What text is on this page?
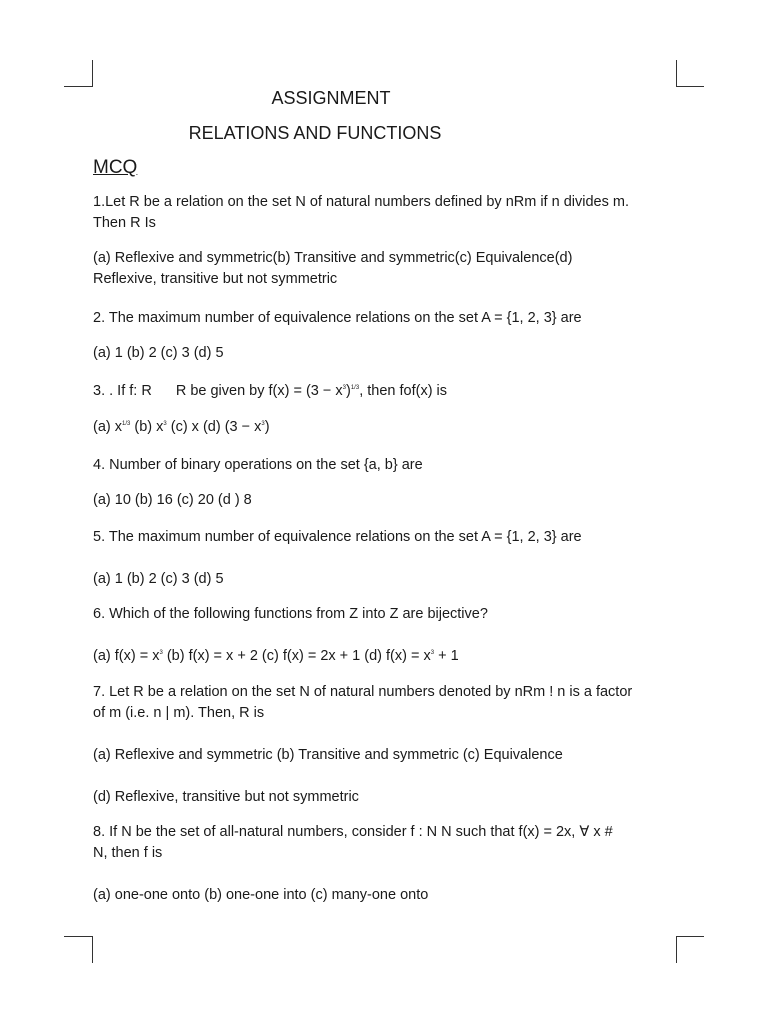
ASSIGNMENT
RELATIONS AND FUNCTIONS
MCQ
1.Let R be a relation on the set N of natural numbers defined by nRm if n divides m.
Then R Is
(a) Reflexive and symmetric(b) Transitive and symmetric(c) Equivalence(d)
Reflexive, transitive but not symmetric
2. The maximum number of equivalence relations on the set A = {1, 2, 3} are
(a) 1 (b) 2 (c) 3 (d) 5
3. . If f: R R be given by $f(x) = (3 - x^3)^{1/3}$, then fof(x) is
(a) $x^{1/3}$ (b) $x^3$ (c) x (d) $(3 - x^3)$
4. Number of binary operations on the set {a, b} are
(a) 10 (b) 16 (c) 20 (d ) 8
5. The maximum number of equivalence relations on the set A = {1, 2, 3} are
(a) 1 (b) 2 (c) 3 (d) 5
6. Which of the following functions from Z into Z are bijective?
(a) $f(x) = x^3$ (b) f(x) = x + 2 (c) f(x) = 2x + 1 (d) $f(x) = x^3 + 1$
7. Let R be a relation on the set N of natural numbers denoted by nRm ! n is a factor
of m (i.e. n | m). Then, R is
(a) Reflexive and symmetric (b) Transitive and symmetric (c) Equivalence
(d) Reflexive, transitive but not symmetric
8. If N be the set of all-natural numbers, consider f : N N such that f(x) = 2x, ∀ x #
N, then f is
(a) one-one onto (b) one-one into (c) many-one onto
